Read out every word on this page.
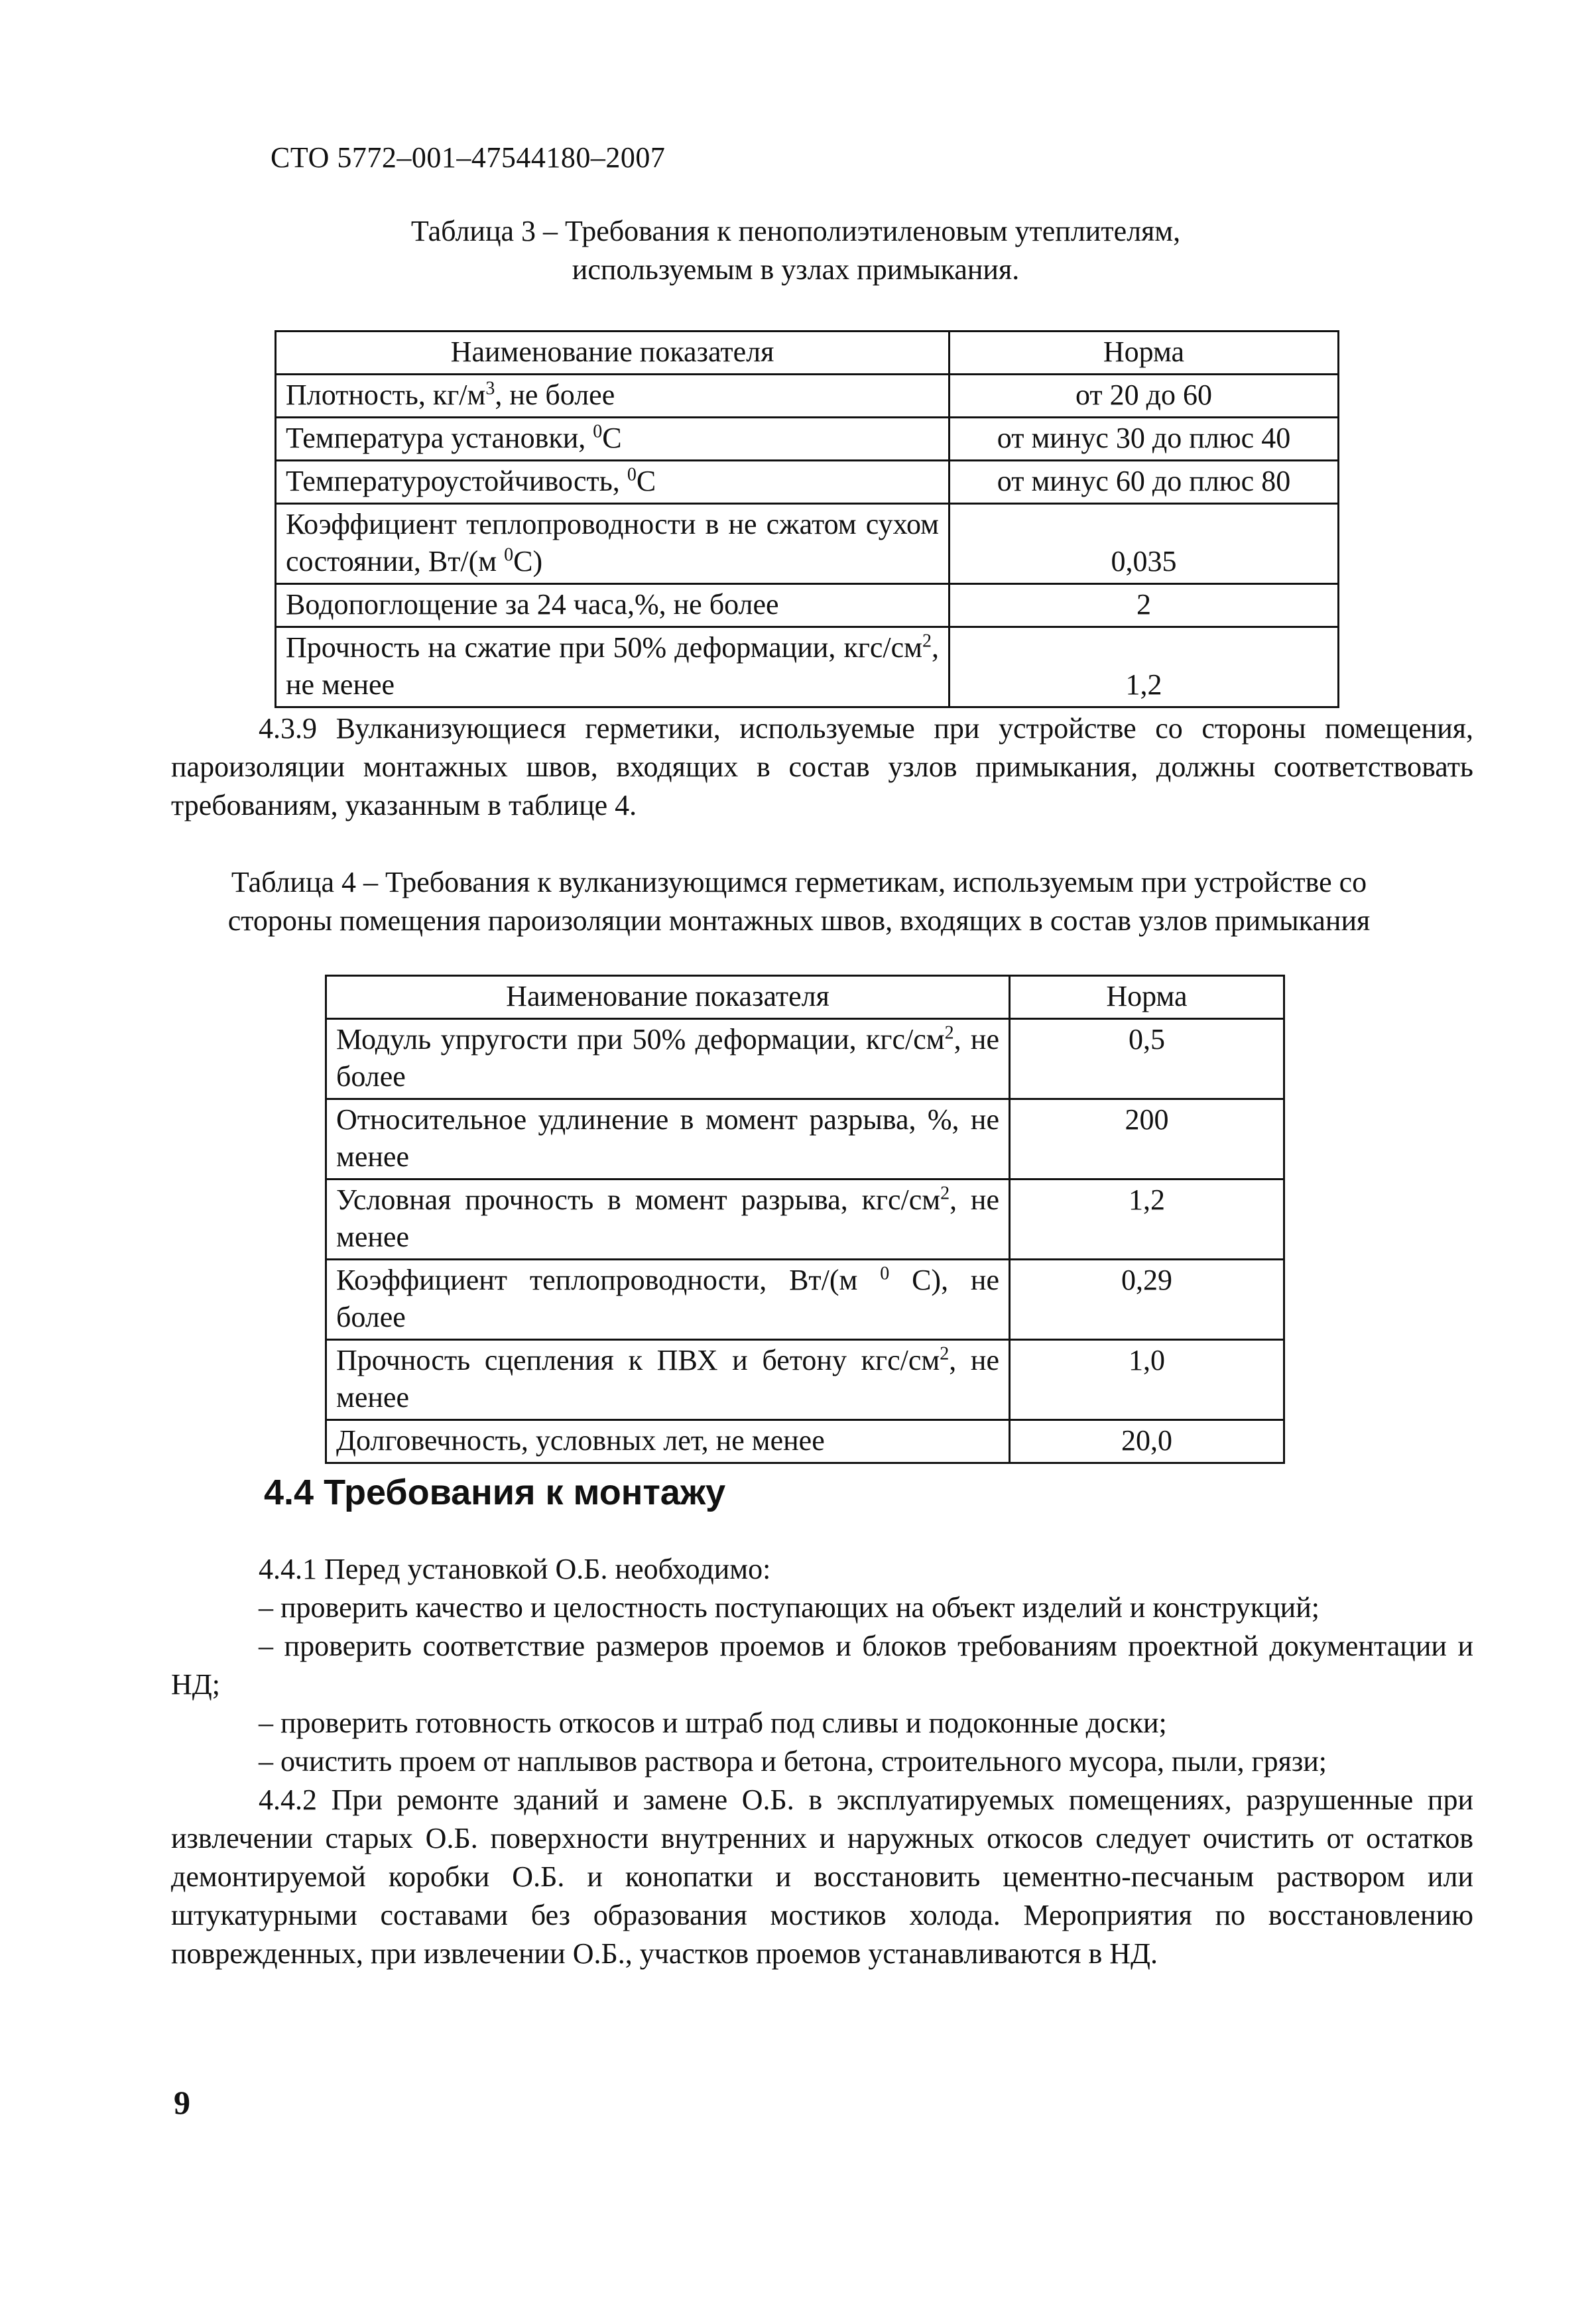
СТО 5772–001–47544180–2007
Таблица 3 – Требования к пенополиэтиленовым утеплителям,
используемым в узлах примыкания.
Наименование показателя	Норма
Плотность, $кг/м^3$, не более	от 20 до 60
Температура установки, $^0$С	от минус 30 до плюс 40
Температуроустойчивость, $^0$С	от минус 60 до плюс 80
Коэффициент теплопроводности в не сжатом сухом состоянии, Вт/(м $^0$С)	0,035
Водопоглощение за 24 часа,%, не более	2
Прочность на сжатие при 50% деформации, кгс/$см^2$, не менее	1,2
4.3.9 Вулканизующиеся герметики, используемые при устройстве со стороны помещения, пароизоляции монтажных швов, входящих в состав узлов примыкания, должны соответствовать требованиям, указанным в таблице 4.
Таблица 4 – Требования к вулканизующимся герметикам, используемым при устройстве со
стороны помещения пароизоляции монтажных швов, входящих в состав узлов примыкания
Наименование показателя	Норма
Модуль упругости при 50% деформации, кгс/$см^2$, не более	0,5
Относительное удлинение в момент разрыва, %, не менее	200
Условная прочность в момент разрыва, кгс/$см^2$, не менее	1,2
Коэффициент теплопроводности, Вт/(м $^0$ С), не более	0,29
Прочность сцепления к ПВХ и бетону кгс/$см^2$, не менее	1,0
Долговечность, условных лет, не менее	20,0
4.4 Требования к монтажу

4.4.1 Перед установкой О.Б. необходимо:

– проверить качество и целостность поступающих на объект изделий и конструкций;

– проверить соответствие размеров проемов и блоков требованиям проектной документации и НД;

– проверить готовность откосов и штраб под сливы и подоконные доски;

– очистить проем от наплывов раствора и бетона, строительного мусора, пыли, грязи;

4.4.2 При ремонте зданий и замене О.Б. в эксплуатируемых помещениях, разрушенные при извлечении старых О.Б. поверхности внутренних и наружных откосов следует очистить от остатков демонтируемой коробки О.Б. и конопатки и восстановить цементно-песчаным раствором или штукатурными составами без образования мостиков холода. Мероприятия по восстановлению поврежденных, при извлечении О.Б., участков проемов устанавливаются в НД.

9
